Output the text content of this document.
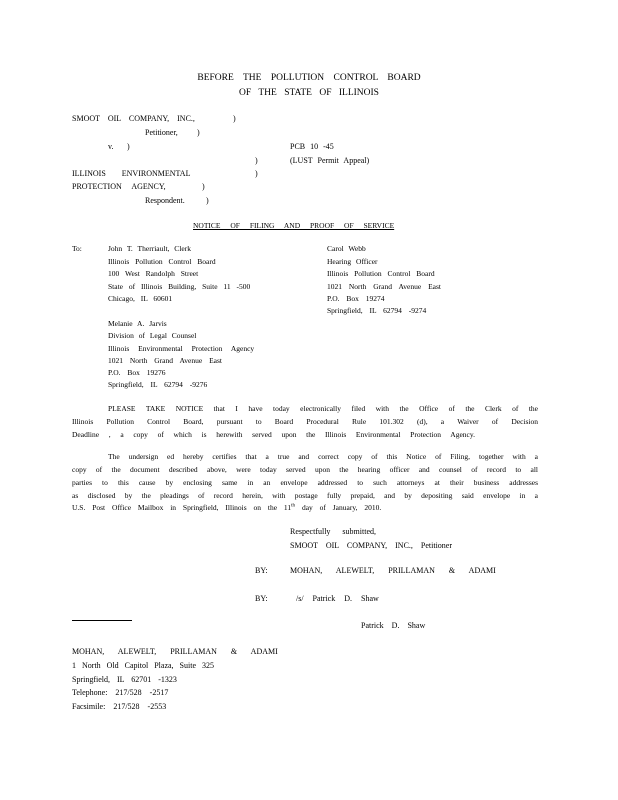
BEFORE THE POLLUTION CONTROL BOARD
OF THE STATE OF ILLINOIS
SMOOT OIL COMPANY, INC.,	)
Petitioner, )
v. )	PCB 10 -45
)	(LUST Permit Appeal)
ILLINOIS ENVIRONMENTAL	)
PROTECTION AGENCY,	)
Respondent.	)
NOTICE OF FILING AND PROOF OF SERVICE
To:	John T. Therriault, Clerk
Illinois Pollution Control Board
100 West Randolph Street
State of Illinois Building, Suite 11 -500
Chicago, IL 60601
Carol Webb
Hearing Officer
Illinois Pollution Control Board
1021 North Grand Avenue East
P.O. Box 19274
Springfield, IL 62794 -9274
Melanie A. Jarvis
Division of Legal Counsel
Illinois Environmental Protection Agency
1021 North Grand Avenue East
P.O. Box 19276
Springfield, IL 62794 -9276
PLEASE TAKE NOTICE that I have today electronically filed with the Office of the Clerk of the
Illinois Pollution Control Board, pursuant to Board Procedural Rule 101.302 (d), a Waiver of Decision
Deadline , a copy of which is herewith served upon the Illinois Environmental Protection Agency.
The undersign ed hereby certifies that a true and correct copy of this Notice of Filing, together with a
copy of the document described above, were today served upon the hearing officer and counsel of record to all
parties to this cause by enclosing same in an envelope addressed to such attorneys at their business addresses
as disclosed by the pleadings of record herein, with postage fully prepaid, and by depositing said envelope in a
U.S. Post Office Mailbox in Springfield, Illinois on the 11th day of January, 2010.
Respectfully submitted,
SMOOT OIL COMPANY, INC., Petitioner
BY:	MOHAN, ALEWELT, PRILLAMAN & ADAMI
BY:	/s/ Patrick D. Shaw
Patrick D. Shaw
MOHAN, ALEWELT, PRILLAMAN & ADAMI
1 North Old Capitol Plaza, Suite 325
Springfield, IL 62701 -1323
Telephone: 217/528 -2517
Facsimile: 217/528 -2553
